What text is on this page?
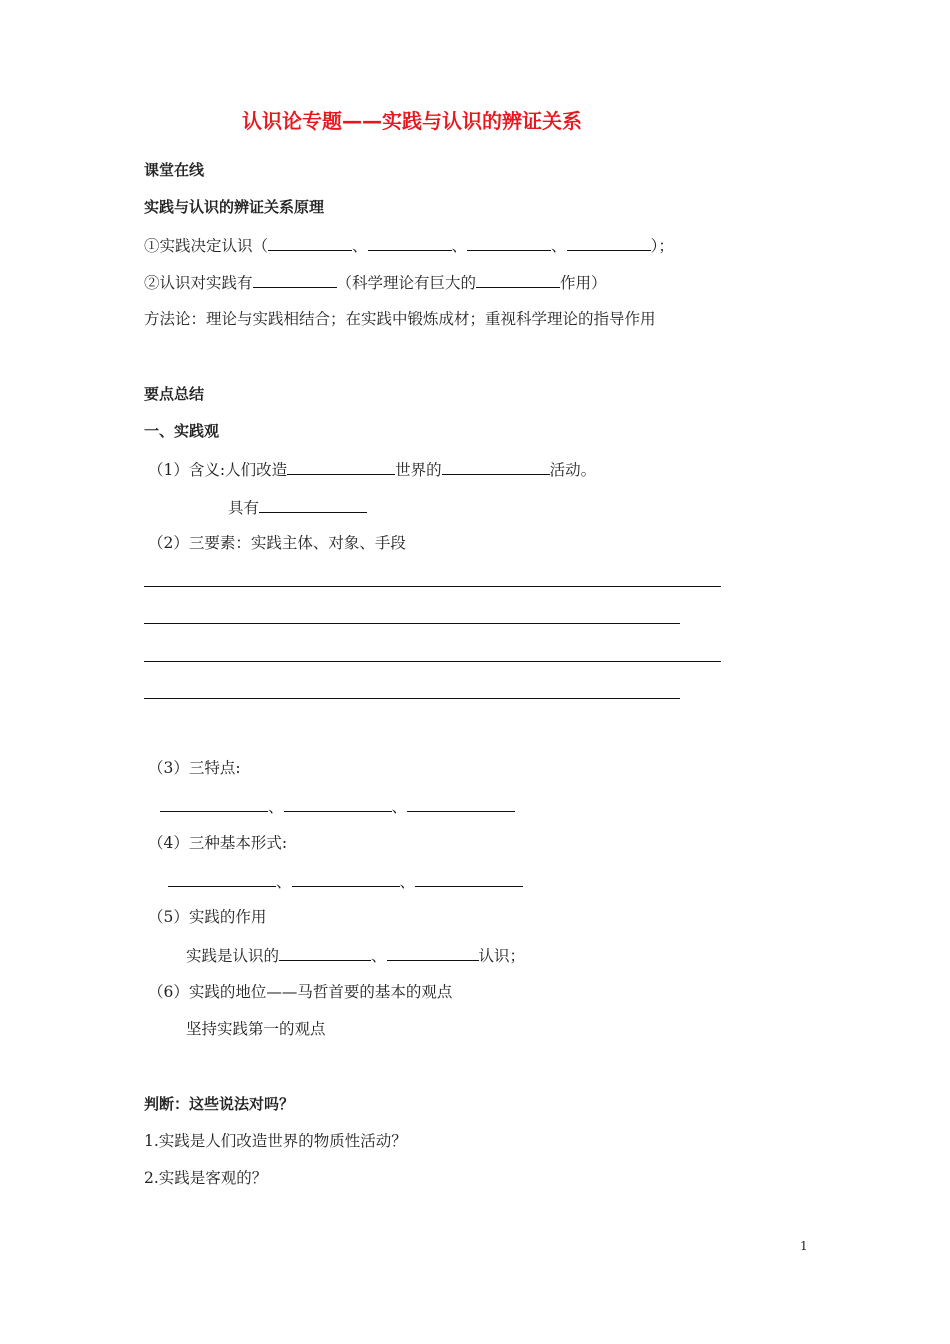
认识论专题——实践与认识的辨证关系
课堂在线
实践与认识的辨证关系原理
①实践决定认识（	、	、	、	）；
②认识对实践有	（科学理论有巨大的	作用）
方法论：理论与实践相结合；在实践中锻炼成材；重视科学理论的指导作用
要点总结
一、实践观
（1）含义:人们改造	世界的	活动。
具有
（2）三要素：实践主体、对象、手段
（3）三特点:
、	、
（4）三种基本形式:
、	、
（5）实践的作用
实践是认识的	、	认识；
（6）实践的地位——马哲首要的基本的观点
坚持实践第一的观点
判断：这些说法对吗？
1.实践是人们改造世界的物质性活动？
2.实践是客观的？
1
